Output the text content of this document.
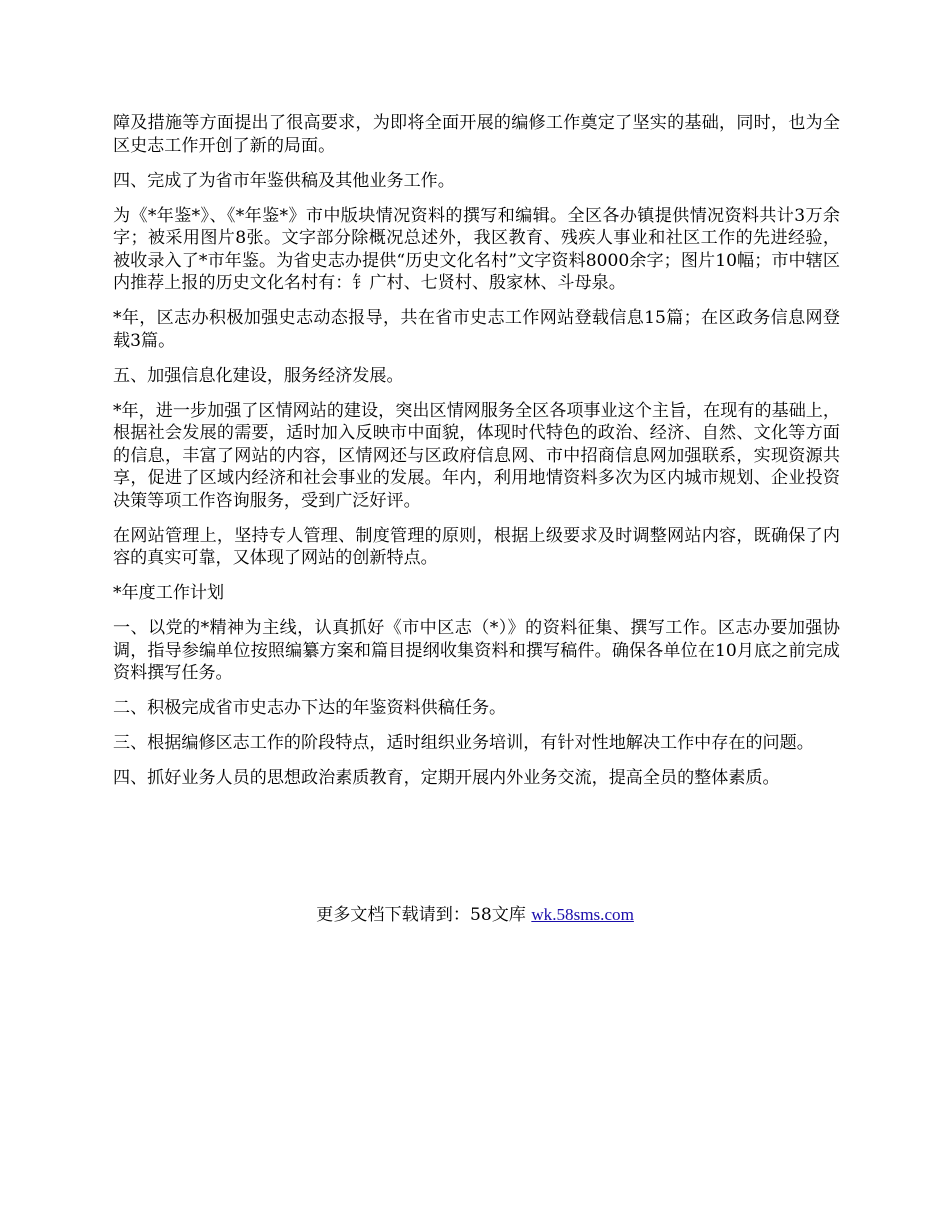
障及措施等方面提出了很高要求，为即将全面开展的编修工作奠定了坚实的基础，同时，也为全区史志工作开创了新的局面。

四、完成了为省市年鉴供稿及其他业务工作。

为《*年鉴*》、《*年鉴*》市中版块情况资料的撰写和编辑。全区各办镇提供情况资料共计3万余字；被采用图片8张。文字部分除概况总述外，我区教育、残疾人事业和社区工作的先进经验，被收录入了*市年鉴。为省史志办提供“历史文化名村”文字资料8000余字；图片10幅；市中辖区内推荐上报的历史文化名村有：钅广村、七贤村、殷家林、斗母泉。

*年，区志办积极加强史志动态报导，共在省市史志工作网站登载信息15篇；在区政务信息网登载3篇。

五、加强信息化建设，服务经济发展。

*年，进一步加强了区情网站的建设，突出区情网服务全区各项事业这个主旨，在现有的基础上，根据社会发展的需要，适时加入反映市中面貌，体现时代特色的政治、经济、自然、文化等方面的信息，丰富了网站的内容，区情网还与区政府信息网、市中招商信息网加强联系，实现资源共享，促进了区域内经济和社会事业的发展。年内，利用地情资料多次为区内城市规划、企业投资决策等项工作咨询服务，受到广泛好评。

在网站管理上，坚持专人管理、制度管理的原则，根据上级要求及时调整网站内容，既确保了内容的真实可靠，又体现了网站的创新特点。

*年度工作计划

一、以党的*精神为主线，认真抓好《市中区志（*）》的资料征集、撰写工作。区志办要加强协调，指导参编单位按照编纂方案和篇目提纲收集资料和撰写稿件。确保各单位在10月底之前完成资料撰写任务。

二、积极完成省市史志办下达的年鉴资料供稿任务。

三、根据编修区志工作的阶段特点，适时组织业务培训，有针对性地解决工作中存在的问题。

四、抓好业务人员的思想政治素质教育，定期开展内外业务交流，提高全员的整体素质。

更多文档下载请到：58文库 wk.58sms.com
